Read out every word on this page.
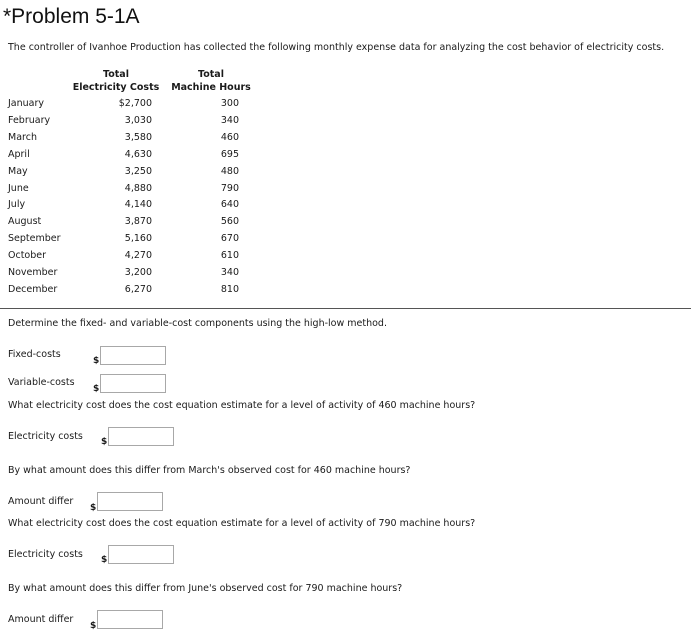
*Problem 5-1A
The controller of Ivanhoe Production has collected the following monthly expense data for analyzing the cost behavior of electricity costs.
Total
Electricity Costs
Total
Machine Hours
January	$2,700	300
February	3,030	340
March	3,580	460
April	4,630	695
May	3,250	480
June	4,880	790
July	4,140	640
August	3,870	560
September	5,160	670
October	4,270	610
November	3,200	340
December	6,270	810
Determine the fixed- and variable-cost components using the high-low method.
Fixed-costs
$
Variable-costs
$
What electricity cost does the cost equation estimate for a level of activity of 460 machine hours?
Electricity costs $
By what amount does this differ from March's observed cost for 460 machine hours?
Amount differ
$
What electricity cost does the cost equation estimate for a level of activity of 790 machine hours?
Electricity costs $
By what amount does this differ from June's observed cost for 790 machine hours?
Amount differ
$
